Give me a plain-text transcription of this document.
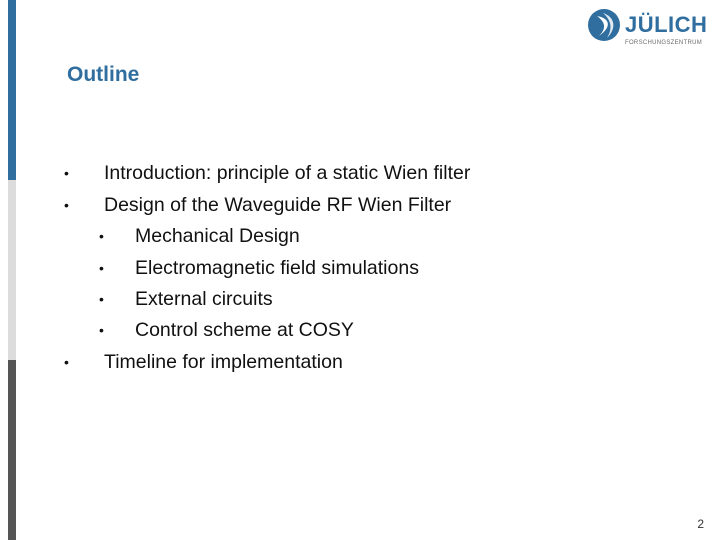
JÜLICH
FORSCHUNGSZENTRUM
Outline
• Introduction: principle of a static Wien filter
• Design of the Waveguide RF Wien Filter
• Mechanical Design
• Electromagnetic field simulations
• External circuits
• Control scheme at COSY
• Timeline for implementation
2
